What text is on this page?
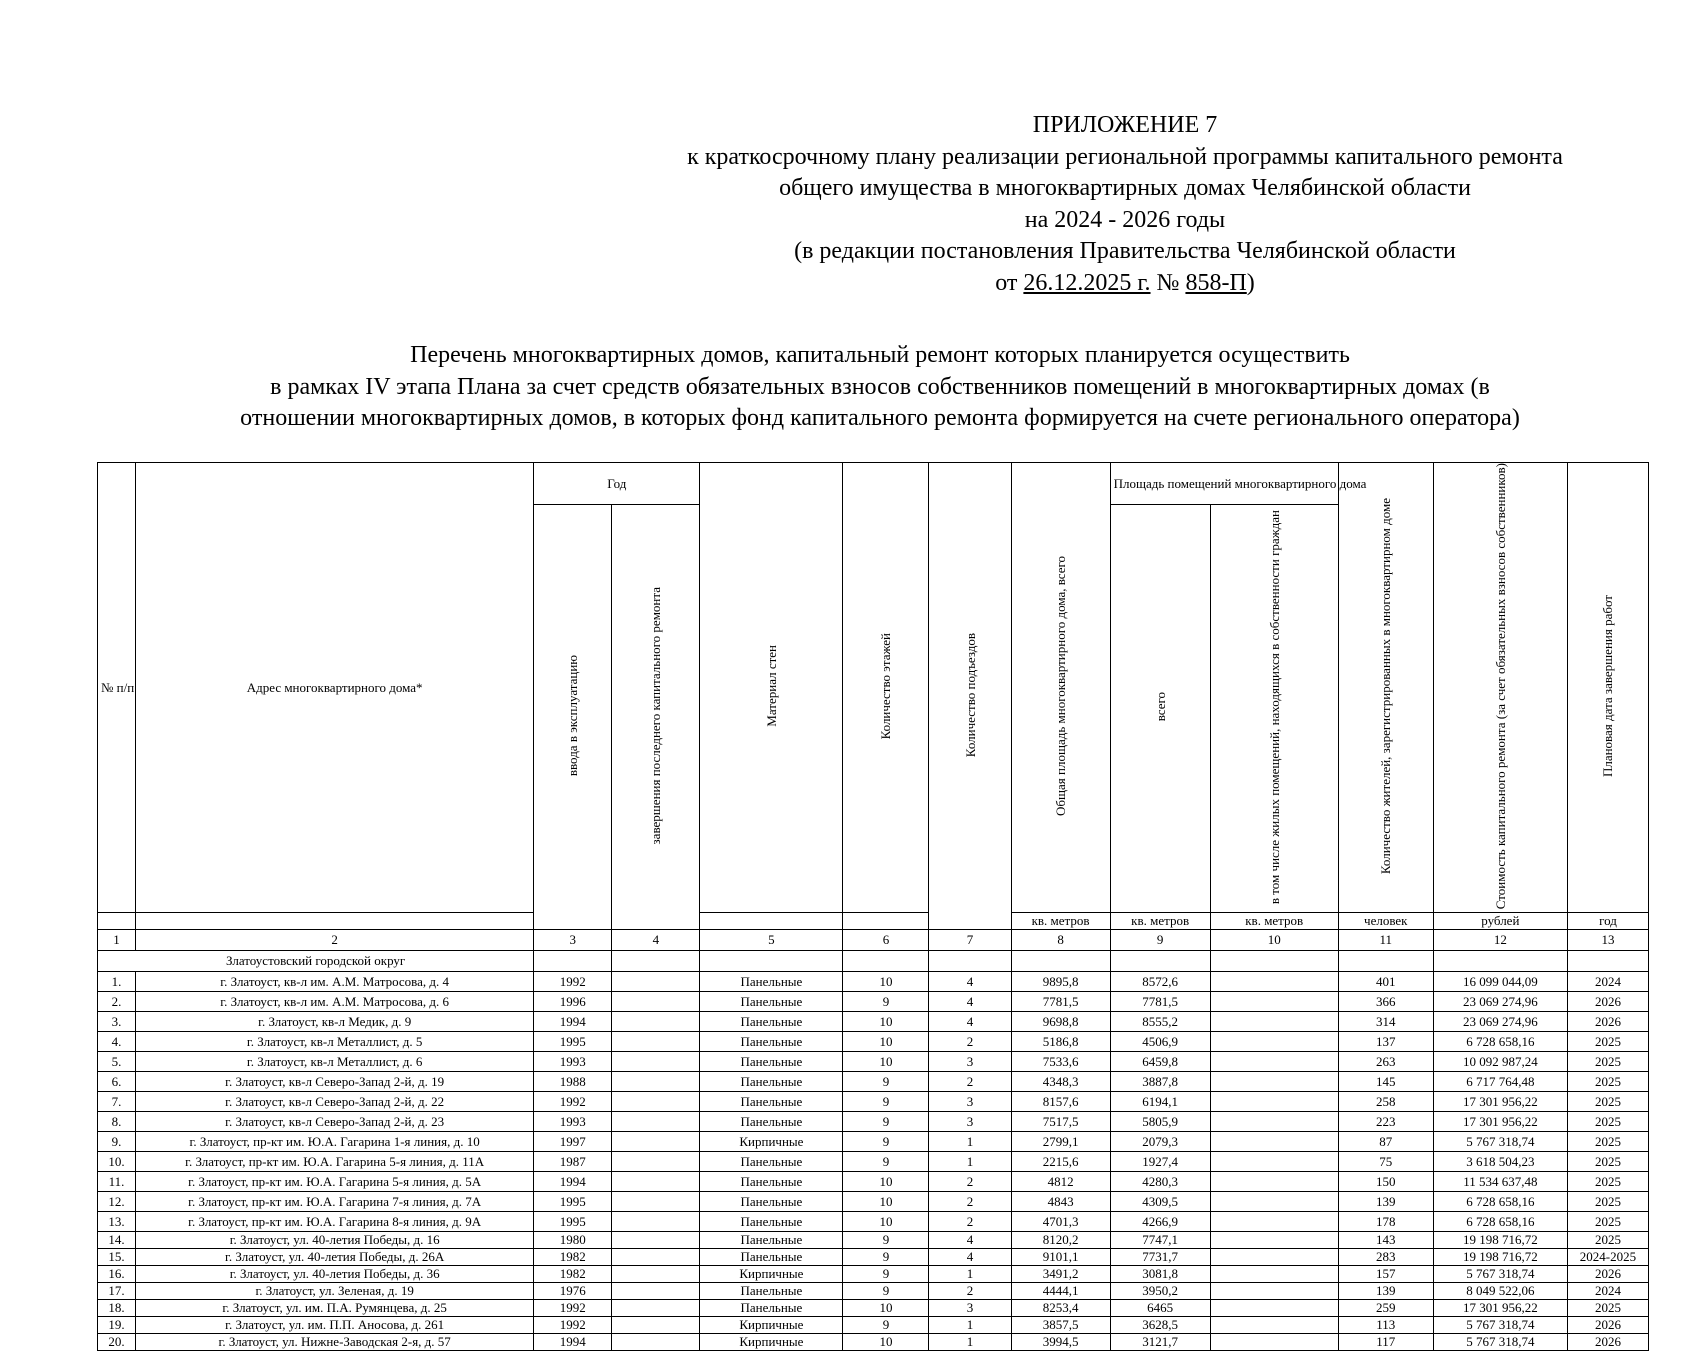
ПРИЛОЖЕНИЕ 7
к краткосрочному плану реализации региональной программы капитального ремонта
общего имущества в многоквартирных домах Челябинской области
на 2024 - 2026 годы
(в редакции постановления Правительства Челябинской области
от 26.12.2025 г. № 858-П)
Перечень многоквартирных домов, капитальный ремонт которых планируется осуществить
в рамках IV этапа Плана за счет средств обязательных взносов собственников помещений в многоквартирных домах (в
отношении многоквартирных домов, в которых фонд капитального ремонта формируется на счете регионального оператора)
№ п/п	Адрес многоквартирного дома*	Год		Материал стен	Количество этажей	Количество подъездов	Общая площадь многоквартирного дома, всего	Площадь помещений многоквартирного дома		Количество жителей, зарегистрированных в многоквартирном доме	Стоимость капитального ремонта (за счет обязательных взносов собственников)	Плановая дата завершения работ
		ввода в эксплуатацию	завершения последнего капитального ремонта					всего	в том числе жилых помещений, находящихся в собственности граждан			
							кв. метров	кв. метров	кв. метров	человек	рублей	год
1	2	3	4	5	6	7	8	9	10	11	12	13
Златоустовский городской округ												
1.	г. Златоуст, кв-л им. А.М. Матросова, д. 4	1992		Панельные	10	4	9895,8	8572,6		401	16 099 044,09	2024
2.	г. Златоуст, кв-л им. А.М. Матросова, д. 6	1996		Панельные	9	4	7781,5	7781,5		366	23 069 274,96	2026
3.	г. Златоуст, кв-л Медик, д. 9	1994		Панельные	10	4	9698,8	8555,2		314	23 069 274,96	2026
4.	г. Златоуст, кв-л Металлист, д. 5	1995		Панельные	10	2	5186,8	4506,9		137	6 728 658,16	2025
5.	г. Златоуст, кв-л Металлист, д. 6	1993		Панельные	10	3	7533,6	6459,8		263	10 092 987,24	2025
6.	г. Златоуст, кв-л Северо-Запад 2-й, д. 19	1988		Панельные	9	2	4348,3	3887,8		145	6 717 764,48	2025
7.	г. Златоуст, кв-л Северо-Запад 2-й, д. 22	1992		Панельные	9	3	8157,6	6194,1		258	17 301 956,22	2025
8.	г. Златоуст, кв-л Северо-Запад 2-й, д. 23	1993		Панельные	9	3	7517,5	5805,9		223	17 301 956,22	2025
9.	г. Златоуст, пр-кт им. Ю.А. Гагарина 1-я линия, д. 10	1997		Кирпичные	9	1	2799,1	2079,3		87	5 767 318,74	2025
10.	г. Златоуст, пр-кт им. Ю.А. Гагарина 5-я линия, д. 11А	1987		Панельные	9	1	2215,6	1927,4		75	3 618 504,23	2025
11.	г. Златоуст, пр-кт им. Ю.А. Гагарина 5-я линия, д. 5А	1994		Панельные	10	2	4812	4280,3		150	11 534 637,48	2025
12.	г. Златоуст, пр-кт им. Ю.А. Гагарина 7-я линия, д. 7А	1995		Панельные	10	2	4843	4309,5		139	6 728 658,16	2025
13.	г. Златоуст, пр-кт им. Ю.А. Гагарина 8-я линия, д. 9А	1995		Панельные	10	2	4701,3	4266,9		178	6 728 658,16	2025
14.	г. Златоуст, ул. 40-летия Победы, д. 16	1980		Панельные	9	4	8120,2	7747,1		143	19 198 716,72	2025
15.	г. Златоуст, ул. 40-летия Победы, д. 26А	1982		Панельные	9	4	9101,1	7731,7		283	19 198 716,72	2024-2025
16.	г. Златоуст, ул. 40-летия Победы, д. 36	1982		Кирпичные	9	1	3491,2	3081,8		157	5 767 318,74	2026
17.	г. Златоуст, ул. Зеленая, д. 19	1976		Панельные	9	2	4444,1	3950,2		139	8 049 522,06	2024
18.	г. Златоуст, ул. им. П.А. Румянцева, д. 25	1992		Панельные	10	3	8253,4	6465		259	17 301 956,22	2025
19.	г. Златоуст, ул. им. П.П. Аносова, д. 261	1992		Кирпичные	9	1	3857,5	3628,5		113	5 767 318,74	2026
20.	г. Златоуст, ул. Нижне-Заводская 2-я, д. 57	1994		Кирпичные	10	1	3994,5	3121,7		117	5 767 318,74	2026
